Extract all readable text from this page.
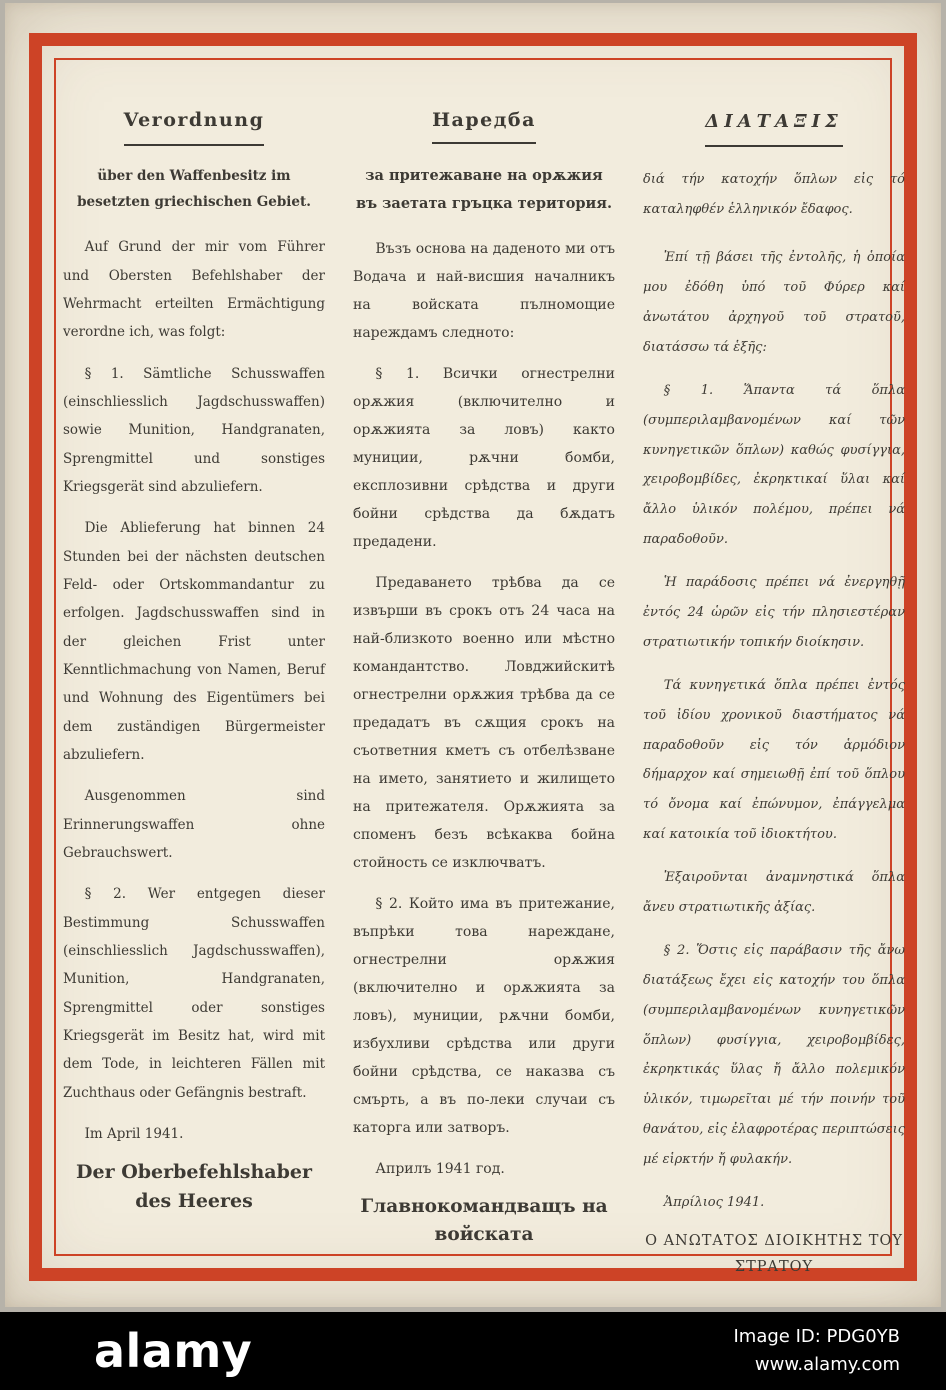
Verordnung
über den Waffenbesitz im besetzten griechischen Gebiet.

Auf Grund der mir vom Führer und Obersten Befehlshaber der Wehrmacht erteilten Ermächtigung verordne ich, was folgt:

§ 1. Sämtliche Schusswaffen (einschliesslich Jagdschusswaffen) sowie Munition, Handgranaten, Sprengmittel und sonstiges Kriegsgerät sind abzuliefern.

Die Ablieferung hat binnen 24 Stunden bei der nächsten deutschen Feld- oder Ortskommandantur zu erfolgen. Jagdschusswaffen sind in der gleichen Frist unter Kenntlichmachung von Namen, Beruf und Wohnung des Eigentümers bei dem zuständigen Bürgermeister abzuliefern.

Ausgenommen sind Erinnerungswaffen ohne Gebrauchswert.

§ 2. Wer entgegen dieser Bestimmung Schusswaffen (einschliesslich Jagdschusswaffen), Munition, Handgranaten, Sprengmittel oder sonstiges Kriegsgerät im Besitz hat, wird mit dem Tode, in leichteren Fällen mit Zuchthaus oder Gefängnis bestraft.

Im April 1941.
Der Oberbefehlshaber des Heeres
Наредба
за притежаване на орѫжия въ заетата гръцка територия.

Възъ основа на даденото ми отъ Водача и най-висшия началникъ на войската пълномощие нареждамъ следното:

§ 1. Всички огнестрелни орѫжия (включително и орѫжията за ловъ) както муниции, рѫчни бомби, експлозивни срѣдства и други бойни срѣдства да бѫдатъ предадени.

Предаването трѣбва да се извърши въ срокъ отъ 24 часа на най-близкото военно или мѣстно командантство. Ловджийскитѣ огнестрелни орѫжия трѣбва да се предадатъ въ сѫщия срокъ на съответния кметъ съ отбелѣзване на името, занятието и жилището на притежателя. Орѫжията за споменъ безъ всѣкаква бойна стойность се изключватъ.

§ 2. Който има въ притежание, въпрѣки това нареждане, огнестрелни орѫжия (включително и орѫжията за ловъ), муниции, рѫчни бомби, избухливи срѣдства или други бойни срѣдства, се наказва съ смърть, а въ по-леки случаи съ каторга или затворъ.

Априлъ 1941 год.
Главнокомандващъ на войската
ΔΙΑΤΑΞΙΣ
διά τήν κατοχήν ὅπλων εἰς τό καταληφθέν ἑλληνικόν ἔδαφος.

Ἐπί τῇ βάσει τῆς ἐντολῆς, ἡ ὁποία μου ἐδόθη ὑπό τοῦ Φύρερ καί ἀνωτάτου ἀρχηγοῦ τοῦ στρατοῦ, διατάσσω τά ἑξῆς:

§ 1. Ἅπαντα τά ὅπλα (συμπεριλαμβανομένων καί τῶν κυνηγετικῶν ὅπλων) καθώς φυσίγγια, χειροβομβίδες, ἐκρηκτικαί ὕλαι καί ἄλλο ὑλικόν πολέμου, πρέπει νά παραδοθοῦν.

Ἡ παράδοσις πρέπει νά ἐνεργηθῇ ἐντός 24 ὡρῶν εἰς τήν πλησιεστέραν στρατιωτικήν τοπικήν διοίκησιν.

Τά κυνηγετικά ὅπλα πρέπει ἐντός τοῦ ἰδίου χρονικοῦ διαστήματος νά παραδοθοῦν εἰς τόν ἁρμόδιον δήμαρχον καί σημειωθῇ ἐπί τοῦ ὅπλου τό ὄνομα καί ἐπώνυμον, ἐπάγγελμα καί κατοικία τοῦ ἰδιοκτήτου.

Ἐξαιροῦνται ἀναμνηστικά ὅπλα ἄνευ στρατιωτικῆς ἀξίας.

§ 2. Ὅστις εἰς παράβασιν τῆς ἄνω διατάξεως ἔχει εἰς κατοχήν του ὅπλα (συμπεριλαμβανομένων κυνηγετικῶν ὅπλων) φυσίγγια, χειροβομβίδες, ἐκρηκτικάς ὕλας ἤ ἄλλο πολεμικόν ὑλικόν, τιμωρεῖται μέ τήν ποινήν τοῦ θανάτου, εἰς ἐλαφροτέρας περιπτώσεις μέ εἱρκτήν ἤ φυλακήν.

Ἀπρίλιος 1941.
Ο ΑΝΩΤΑΤΟΣ ΔΙΟΙΚΗΤΗΣ ΤΟΥ ΣΤΡΑΤΟΥ
alamy	Image ID: PDG0YB
www.alamy.com
